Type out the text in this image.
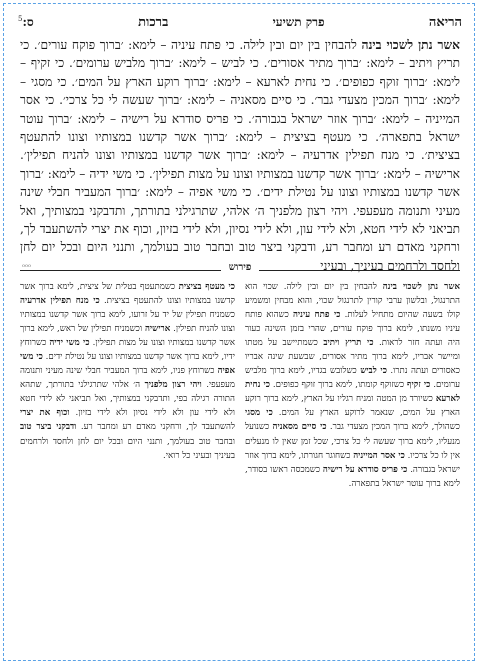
הריאה
פרק תשיעי
ברכות
ס:$^5$

אשר נתן לשכוי בינה להבחין בין יום ובין לילה. כי פתח עיניה – לימא: ׳ברוך פוקח עורים׳. כי תריץ ויתיב – לימא: ׳ברוך מתיר אסורים׳. כי לביש – לימא: ׳ברוך מלביש ערומים׳. כי זקיף – לימא: ׳ברוך זוקף כפופים׳. כי נחית לארעא – לימא: ׳ברוך רוקע הארץ על המים׳. כי מסגי – לימא: ׳ברוך המכין מצעדי גבר׳. כי סיים מסאניה – לימא: ׳ברוך שעשה לי כל צרכי׳. כי אסר המייניה – לימא: ׳ברוך אוזר ישראל בגבורה׳. כי פריס סודרא על רישיה – לימא: ׳ברוך עוטר ישראל בתפארה׳. כי מעטף בציצית – לימא: ׳ברוך אשר קדשנו במצותיו וצונו להתעטף בציצית׳. כי מנח תפילין אדרעיה – לימא: ׳ברוך אשר קדשנו במצותיו וצונו להניח תפילין׳. ארישיה – לימא: ׳ברוך אשר קדשנו במצותיו וצונו על מצות תפילין׳. כי משי ידיה – לימא: ׳ברוך אשר קדשנו במצותיו וצונו על נטילת ידים׳. כי משי אפיה – לימא: ׳ברוך המעביר חבלי שינה מעיני ותנומה מעפעפי. ויהי רצון מלפניך ה׳ אלהי, שתרגילני בתורתך, ותדבקני במצותיך, ואל תביאני לא לידי חטא, ולא לידי עון, ולא לידי נסיון, ולא לידי בזיון, וכוף את יצרי להשתעבד לך, ורחקני מאדם רע ומחבר רע, ודבקני ביצר טוב ובחבר טוב בעולמך, ותנני היום ובכל יום לחן ולחסד ולרחמים בעיניך, ובעיני

ooo	פירוש

אשר נתן לשכוי בינה להבחין בין יום ובין לילה. שכוי הוא התרנגול, ובלשון ערבי קורין לתרנגול שכוי, והוא מבחין ומשמיע קולו בשעה שהיום מתחיל לעלות. כי פתח עיניה כשהוא פותח עיניו משנתו, לימא ברוך פוקח עורים, שהרי בזמן השינה כעור היה ועתה חזר לראות. כי תריץ ויתיב כשמתיישב על מטתו ומיישר אבריו, לימא ברוך מתיר אסורים, שבשעת שינה אבריו כאסורים ועתה נתרו. כי לביש כשלובש בגדיו, לימא ברוך מלביש ערומים. כי זקיף כשזוקף קומתו, לימא ברוך זוקף כפופים. כי נחית לארעא כשיורד מן המטה ומניח רגליו על הארץ, לימא ברוך רוקע הארץ על המים, שנאמר לרוקע הארץ על המים. כי מסגי כשהולך, לימא ברוך המכין מצעדי גבר. כי סיים מסאניה כשנועל מנעליו, לימא ברוך שעשה לי כל צרכי, שכל זמן שאין לו מנעלים אין לו כל צרכיו. כי אסר המייניה כשחוגר חגורתו, לימא ברוך אוזר ישראל בגבורה. כי פריס סודרא על רישיה כשמכסה ראשו בסודר, לימא ברוך עוטר ישראל בתפארה.

כי מעטף בציצית כשמתעטף בטלית של ציצית, לימא ברוך אשר קדשנו במצותיו וצונו להתעטף בציצית. כי מנח תפילין אדרעיה כשמניח תפילין של יד על זרועו, לימא ברוך אשר קדשנו במצותיו וצונו להניח תפילין. ארישיה וכשמניח תפילין של ראש, לימא ברוך אשר קדשנו במצותיו וצונו על מצות תפילין. כי משי ידיה כשרוחץ ידיו, לימא ברוך אשר קדשנו במצותיו וצונו על נטילת ידים. כי משי אפיה כשרוחץ פניו, לימא ברוך המעביר חבלי שינה מעיני ותנומה מעפעפי. ויהי רצון מלפניך ה׳ אלהי שתרגילני בתורתך, שתהא התורה רגילה בפי, ותדבקני במצותיך, ואל תביאני לא לידי חטא ולא לידי עון ולא לידי נסיון ולא לידי בזיון. וכוף את יצרי להשתעבד לך, ורחקני מאדם רע ומחבר רע. ודבקני ביצר טוב ובחבר טוב בעולמך, ותנני היום ובכל יום לחן ולחסד ולרחמים בעיניך ובעיני כל רואי.
